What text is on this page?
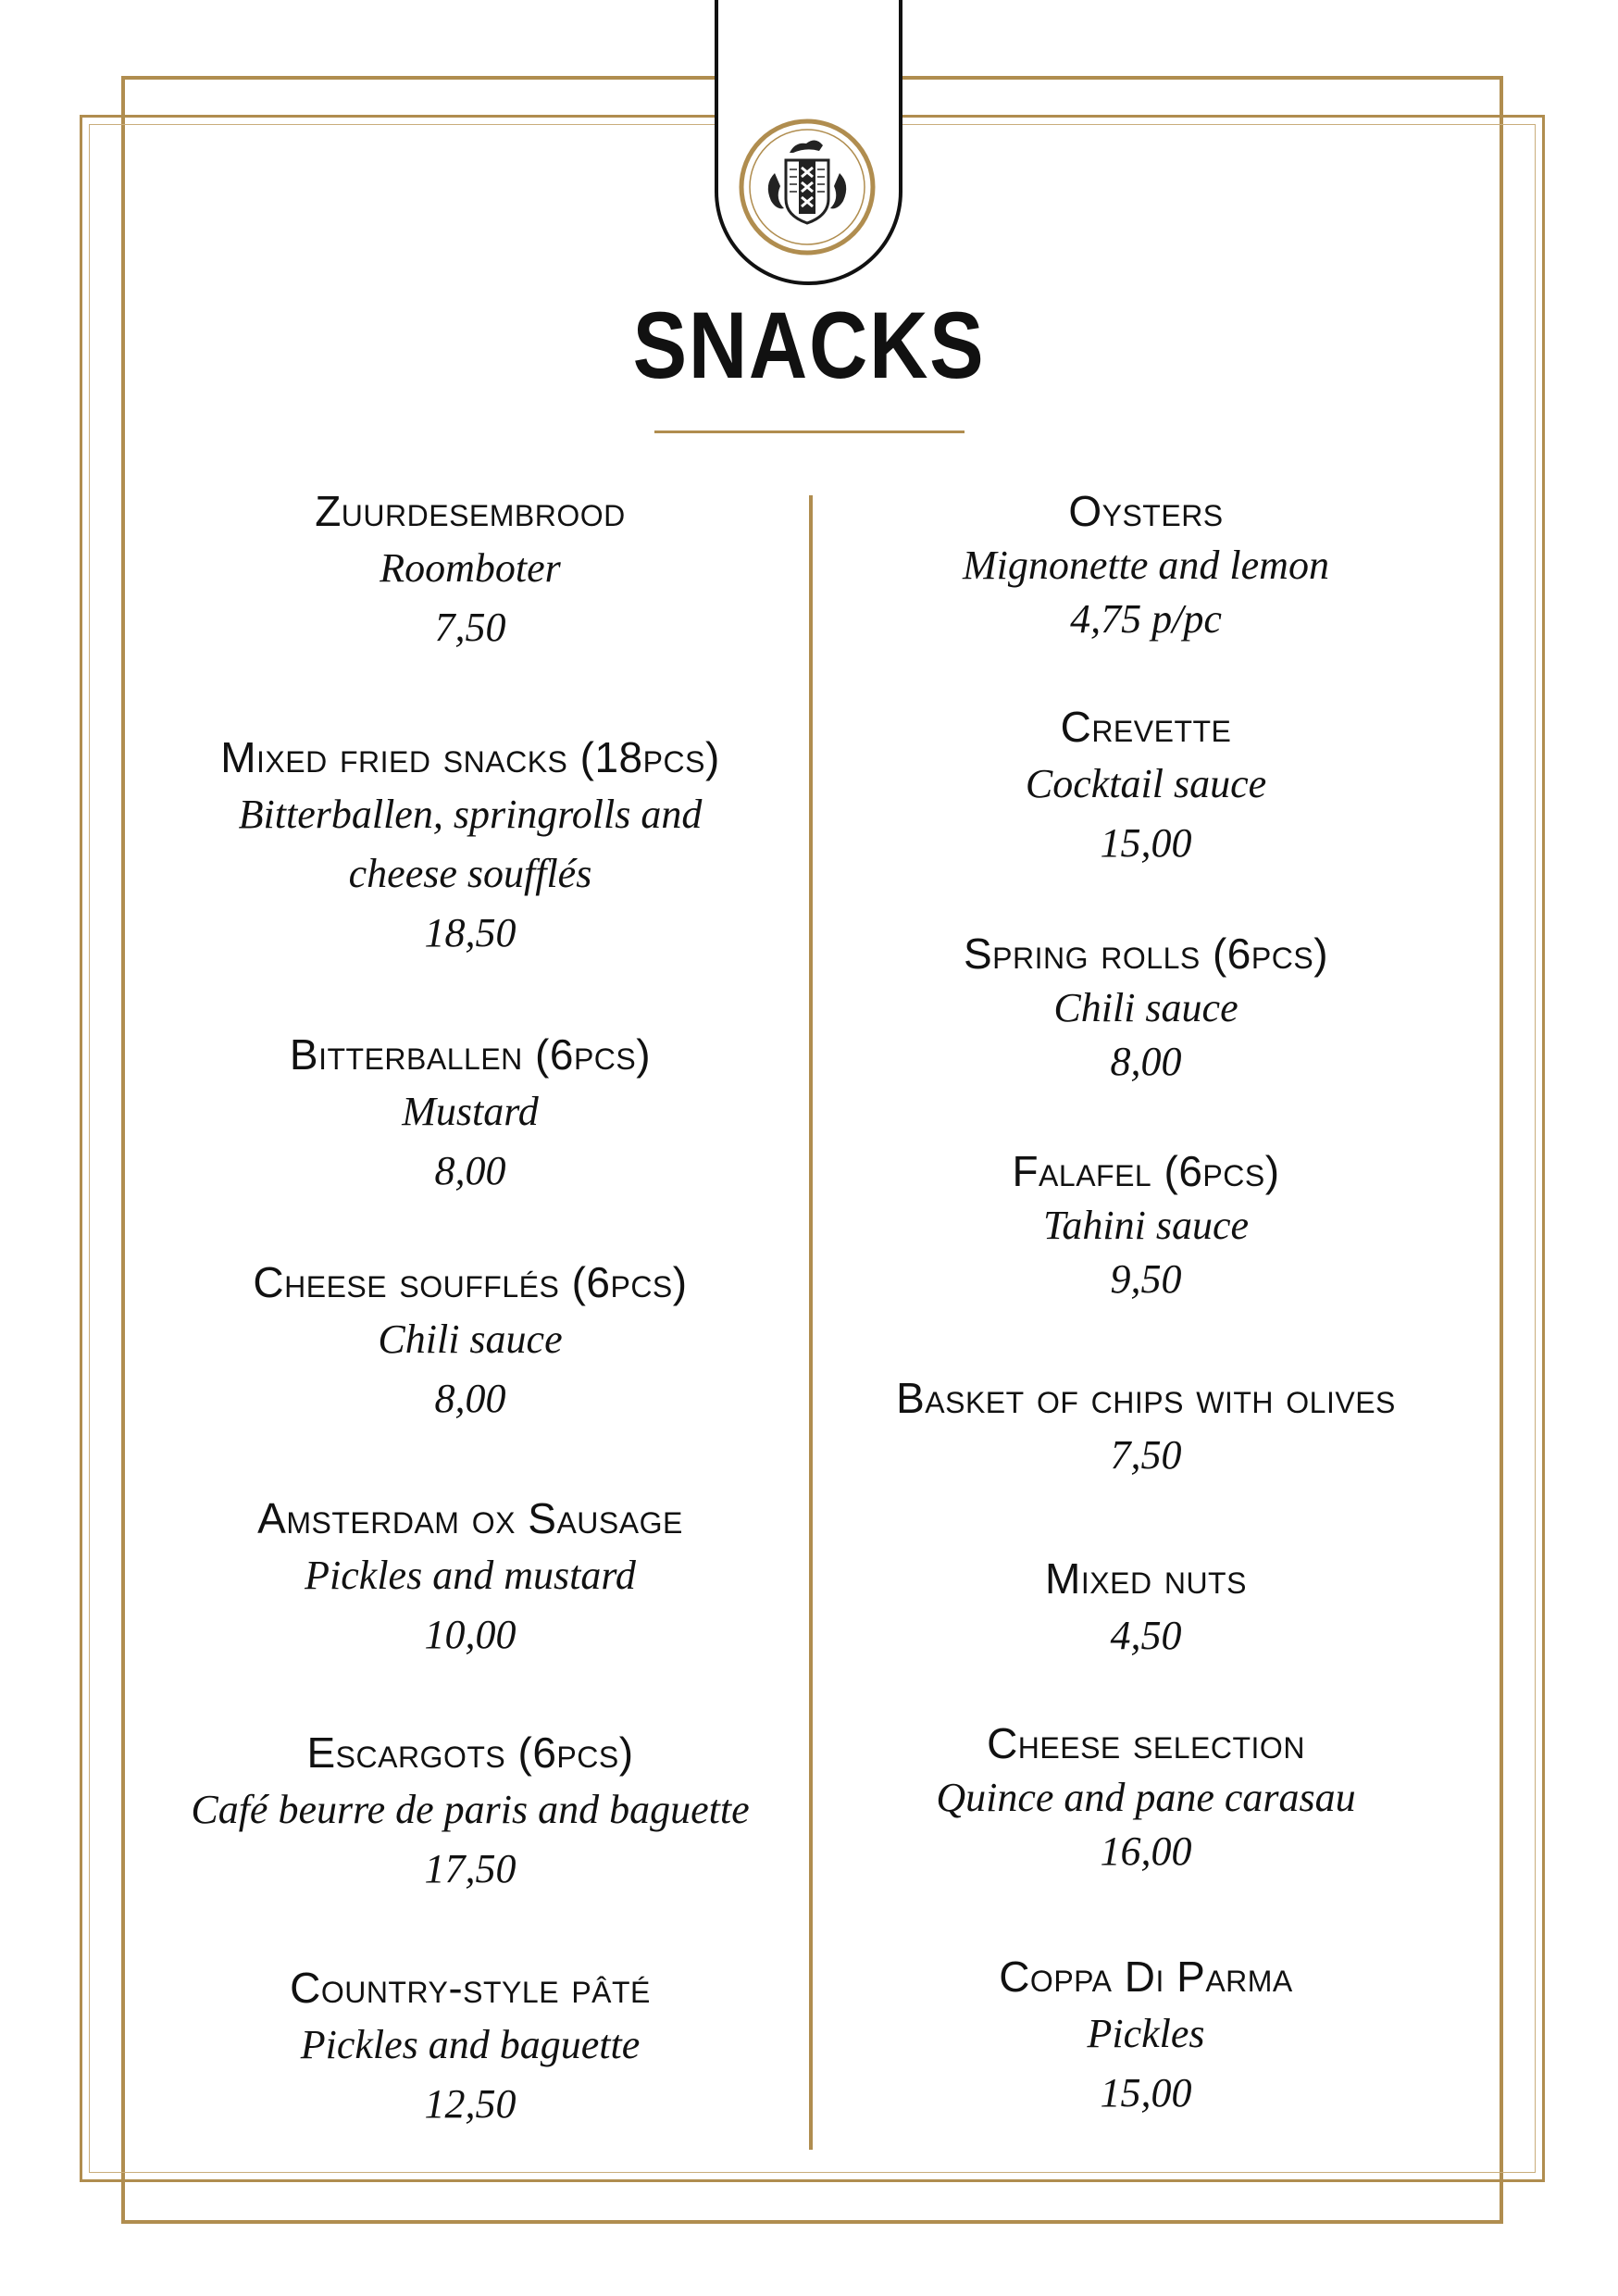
SNACKS
Zuurdesembrood
Roomboter
7,50
Mixed fried snacks (18pcs)
Bitterballen, springrolls and cheese soufflés
18,50
Bitterballen (6pcs)
Mustard
8,00
Cheese soufflés (6pcs)
Chili sauce
8,00
Amsterdam ox Sausage
Pickles and mustard
10,00
Escargots (6pcs)
Café beurre de paris and baguette
17,50
Country-style pâté
Pickles and baguette
12,50
Oysters
Mignonette and lemon
4,75 p/pc
Crevette
Cocktail sauce
15,00
Spring rolls (6pcs)
Chili sauce
8,00
Falafel (6pcs)
Tahini sauce
9,50
Basket of chips with olives
7,50
Mixed nuts
4,50
Cheese selection
Quince and pane carasau
16,00
Coppa Di Parma
Pickles
15,00
